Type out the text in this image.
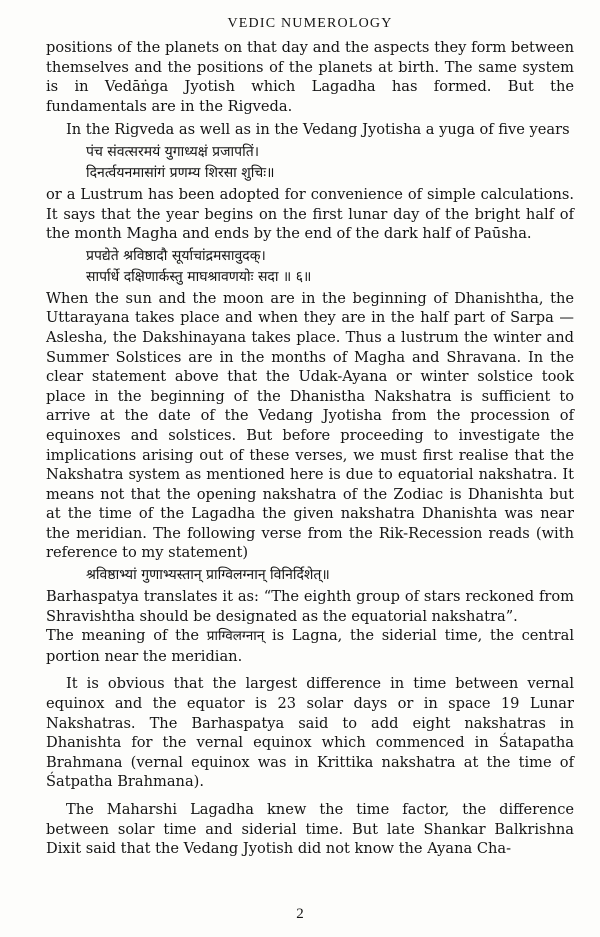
VEDIC NUMEROLOGY

positions of the planets on that day and the aspects they form between themselves and the positions of the planets at birth. The same system is in Vedāṅga Jyotish which Lagadha has formed. But the fundamentals are in the Rigveda.

In the Rigveda as well as in the Vedang Jyotisha a yuga of five years

पंच संवत्सरमयं युगाध्यक्षं प्रजापतिं।
दिनर्त्वयनमासांगं प्रणम्य शिरसा शुचिः॥

or a Lustrum has been adopted for convenience of simple calculations. It says that the year begins on the first lunar day of the bright half of the month Magha and ends by the end of the dark half of Paūsha.

प्रपद्येते श्रविष्ठादौ सूर्याचांद्रमसावुदक्।
सार्पार्धे दक्षिणार्कस्तु माघश्रावणयोः सदा ॥ ६॥

When the sun and the moon are in the beginning of Dhanishtha, the Uttarayana takes place and when they are in the half part of Sarpa —Aslesha, the Dakshinayana takes place. Thus a lustrum the winter and Summer Solstices are in the months of Magha and Shravana. In the clear statement above that the Udak-Ayana or winter solstice took place in the beginning of the Dhanistha Nakshatra is sufficient to arrive at the date of the Vedang Jyotisha from the procession of equinoxes and solstices. But before proceeding to investigate the implications arising out of these verses, we must first realise that the Nakshatra system as mentioned here is due to equatorial nakshatra. It means not that the opening nakshatra of the Zodiac is Dhanishta but at the time of the Lagadha the given nakshatra Dhanishta was near the meridian. The following verse from the Rik-Recession reads (with reference to my statement)

श्रविष्ठाभ्यां गुणाभ्यस्तान् प्राग्विलग्नान् विनिर्दिशेत्॥

Barhaspatya translates it as: “The eighth group of stars reckoned from Shravishtha should be designated as the equatorial nakshatra”.

The meaning of the प्राग्विलग्नान् is Lagna, the siderial time, the central portion near the meridian.

It is obvious that the largest difference in time between vernal equinox and the equator is 23 solar days or in space 19 Lunar Nakshatras. The Barhaspatya said to add eight nakshatras in Dhanishta for the vernal equinox which commenced in Śatapatha Brahmana (vernal equinox was in Krittika nakshatra at the time of Śatpatha Brahmana).

The Maharshi Lagadha knew the time factor, the difference between solar time and siderial time. But late Shankar Balkrishna Dixit said that the Vedang Jyotish did not know the Ayana Cha-

2
